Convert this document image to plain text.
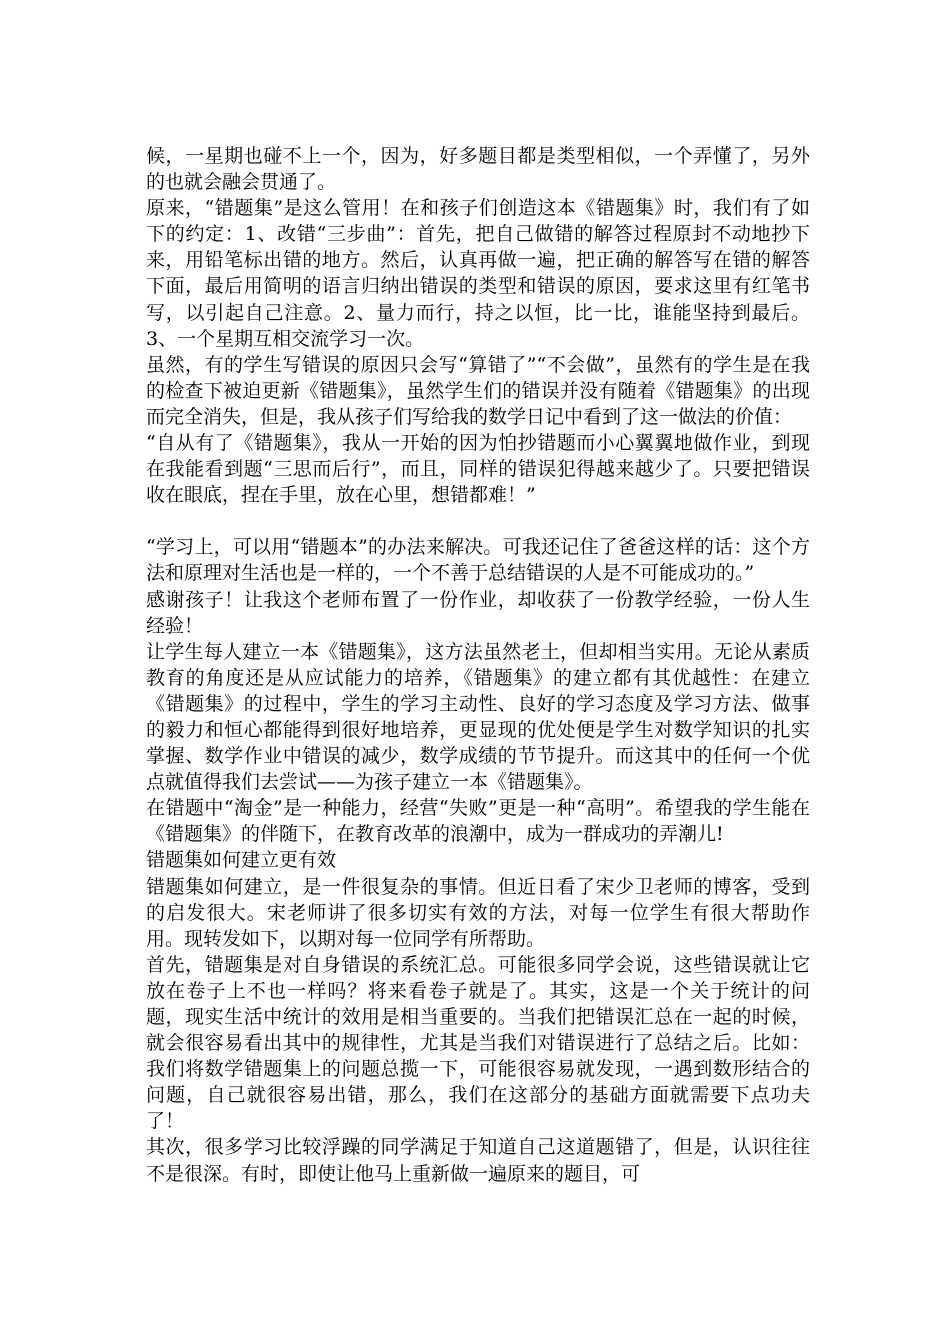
候，一星期也碰不上一个，因为，好多题目都是类型相似，一个弄懂了，另外的也就会融会贯通了。

原来，“错题集”是这么管用！在和孩子们创造这本《错题集》时，我们有了如下的约定：1、改错“三步曲”：首先，把自己做错的解答过程原封不动地抄下来，用铅笔标出错的地方。然后，认真再做一遍，把正确的解答写在错的解答下面，最后用简明的语言归纳出错误的类型和错误的原因，要求这里有红笔书写，以引起自己注意。2、量力而行，持之以恒，比一比，谁能坚持到最后。3、一个星期互相交流学习一次。

虽然，有的学生写错误的原因只会写“算错了”“不会做”，虽然有的学生是在我的检查下被迫更新《错题集》，虽然学生们的错误并没有随着《错题集》的出现而完全消失，但是，我从孩子们写给我的数学日记中看到了这一做法的价值：

“自从有了《错题集》，我从一开始的因为怕抄错题而小心翼翼地做作业，到现在我能看到题“三思而后行”，而且，同样的错误犯得越来越少了。只要把错误收在眼底，捏在手里，放在心里，想错都难！”

“学习上，可以用“错题本”的办法来解决。可我还记住了爸爸这样的话：这个方法和原理对生活也是一样的，一个不善于总结错误的人是不可能成功的。”

感谢孩子！让我这个老师布置了一份作业，却收获了一份教学经验，一份人生经验！

让学生每人建立一本《错题集》，这方法虽然老土，但却相当实用。无论从素质教育的角度还是从应试能力的培养，《错题集》的建立都有其优越性：在建立《错题集》的过程中，学生的学习主动性、良好的学习态度及学习方法、做事的毅力和恒心都能得到很好地培养，更显现的优处便是学生对数学知识的扎实掌握、数学作业中错误的减少，数学成绩的节节提升。而这其中的任何一个优点就值得我们去尝试——为孩子建立一本《错题集》。

在错题中“淘金”是一种能力，经营“失败”更是一种“高明”。希望我的学生能在《错题集》的伴随下，在教育改革的浪潮中，成为一群成功的弄潮儿!

错题集如何建立更有效

错题集如何建立，是一件很复杂的事情。但近日看了宋少卫老师的博客，受到的启发很大。宋老师讲了很多切实有效的方法，对每一位学生有很大帮助作用。现转发如下，以期对每一位同学有所帮助。

首先，错题集是对自身错误的系统汇总。可能很多同学会说，这些错误就让它放在卷子上不也一样吗？将来看卷子就是了。其实，这是一个关于统计的问题，现实生活中统计的效用是相当重要的。当我们把错误汇总在一起的时候，就会很容易看出其中的规律性，尤其是当我们对错误进行了总结之后。比如：我们将数学错题集上的问题总揽一下，可能很容易就发现，一遇到数形结合的问题，自己就很容易出错，那么，我们在这部分的基础方面就需要下点功夫了！

其次，很多学习比较浮躁的同学满足于知道自己这道题错了，但是，认识往往不是很深。有时，即使让他马上重新做一遍原来的题目，可
